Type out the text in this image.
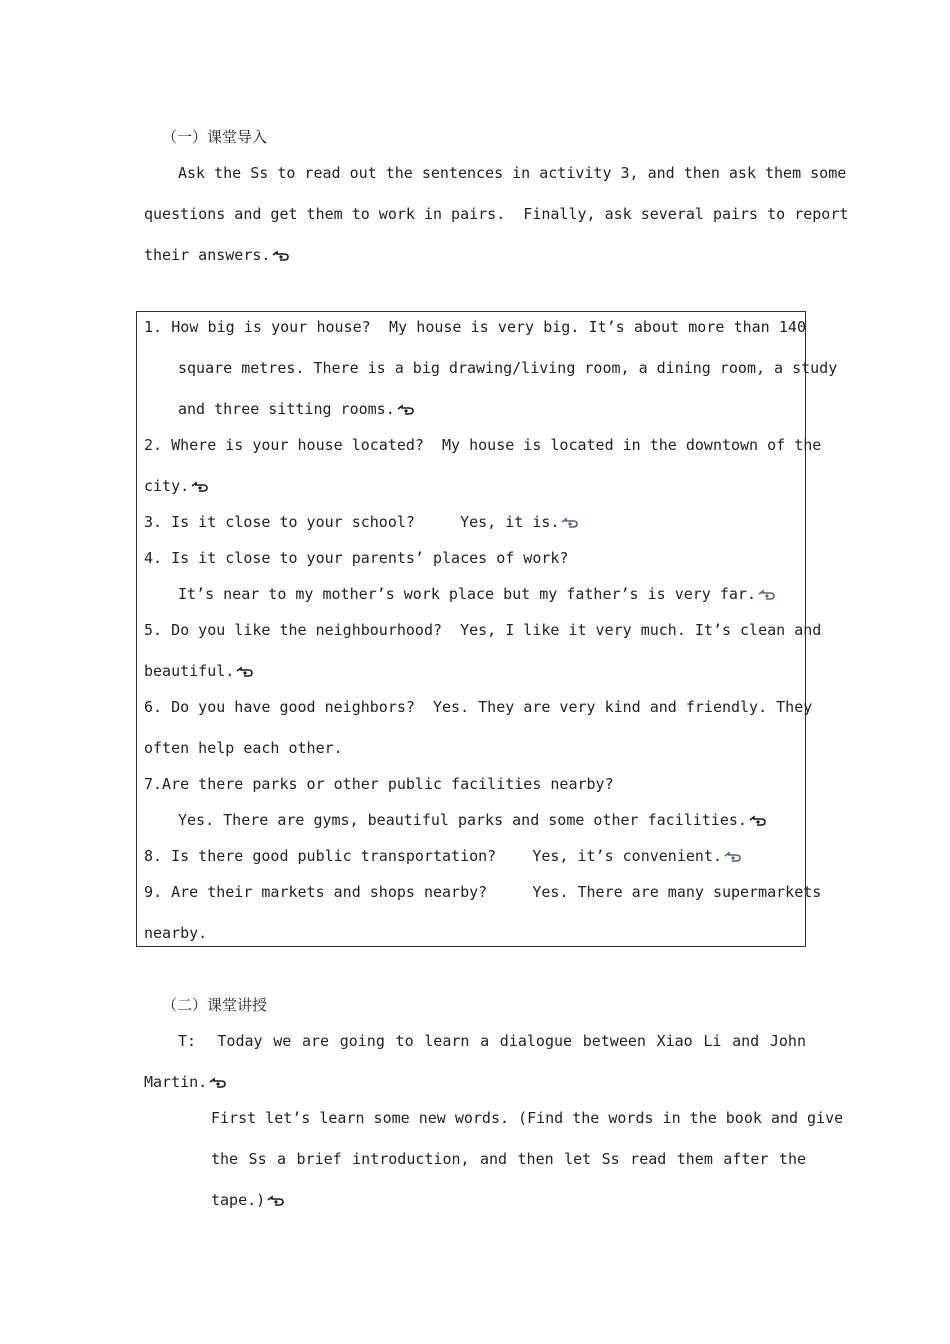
（一）课堂导入
Ask the Ss to read out the sentences in activity 3, and then ask them some
questions and get them to work in pairs.  Finally, ask several pairs to report
their answers.
1. How big is your house?  My house is very big. It’s about more than 140
square metres. There is a big drawing/living room, a dining room, a study
and three sitting rooms.
2. Where is your house located?  My house is located in the downtown of the
city.
3. Is it close to your school?     Yes, it is.
4. Is it close to your parents’ places of work?
It’s near to my mother’s work place but my father’s is very far.
5. Do you like the neighbourhood?  Yes, I like it very much. It’s clean and
beautiful.
6. Do you have good neighbors?  Yes. They are very kind and friendly. They
often help each other.
7.Are there parks or other public facilities nearby?
Yes. There are gyms, beautiful parks and some other facilities.
8. Is there good public transportation?    Yes, it’s convenient.
9. Are their markets and shops nearby?     Yes. There are many supermarkets
nearby.
（二）课堂讲授
T:  Today we are going to learn a dialogue between Xiao Li and John
Martin.
First let’s learn some new words. (Find the words in the book and give
the Ss a brief introduction, and then let Ss read them after the
tape.)
